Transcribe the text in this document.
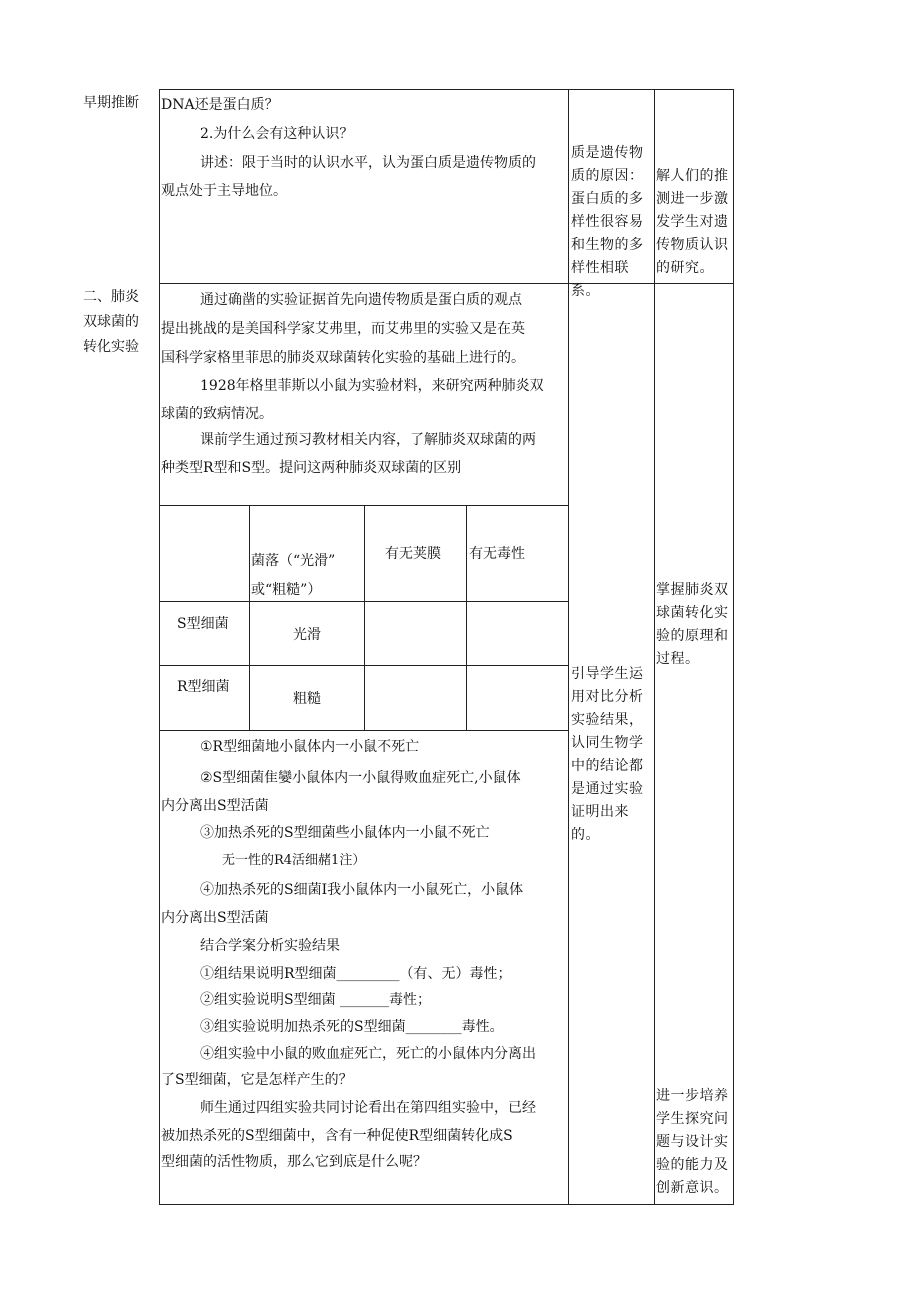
早期推断
二、肺炎
双球菌的
转化实验
DNA还是蛋白质？
2.为什么会有这种认识？
讲述：限于当时的认识水平，认为蛋白质是遗传物质的
观点处于主导地位。
质是遗传物质的原因：蛋白质的多样性很容易和生物的多样性相联系。
解人们的推测进一步激发学生对遗传物质认识的研究。
通过确凿的实验证据首先向遗传物质是蛋白质的观点
提出挑战的是美国科学家艾弗里，而艾弗里的实验又是在英
国科学家格里菲思的肺炎双球菌转化实验的基础上进行的。
1928年格里菲斯以小鼠为实验材料，来研究两种肺炎双
球菌的致病情况。
课前学生通过预习教材相关内容，了解肺炎双球菌的两
种类型R型和S型。提问这两种肺炎双球菌的区别
菌落（“光滑”
或“粗糙”）
有无荚膜 有无毒性
S型细菌
光滑
R型细菌
粗糙
①R型细菌地小鼠体内一小鼠不死亡
②S型细菌隹孌小鼠体内一小鼠得败血症死亡,小鼠体
内分离出S型活菌
③加热杀死的S型细菌些小鼠体内一小鼠不死亡
无一性的R4活细赭1注）
④加热杀死的S细菌I我小鼠体内一小鼠死亡，小鼠体
内分离出S型活菌
结合学案分析实验结果
①组结果说明R型细菌_________（有、无）毒性；
②组实验说明S型细菌 _______毒性；
③组实验说明加热杀死的S型细菌________毒性。
④组实验中小鼠的败血症死亡，死亡的小鼠体内分离出
了S型细菌，它是怎样产生的？
师生通过四组实验共同讨论看出在第四组实验中，已经
被加热杀死的S型细菌中，含有一种促使R型细菌转化成S
型细菌的活性物质，那么它到底是什么呢？
引导学生运用对比分析实验结果，认同生物学中的结论都是通过实验证明出来的。
掌握肺炎双球菌转化实验的原理和过程。
进一步培养学生探究问题与设计实验的能力及创新意识。
